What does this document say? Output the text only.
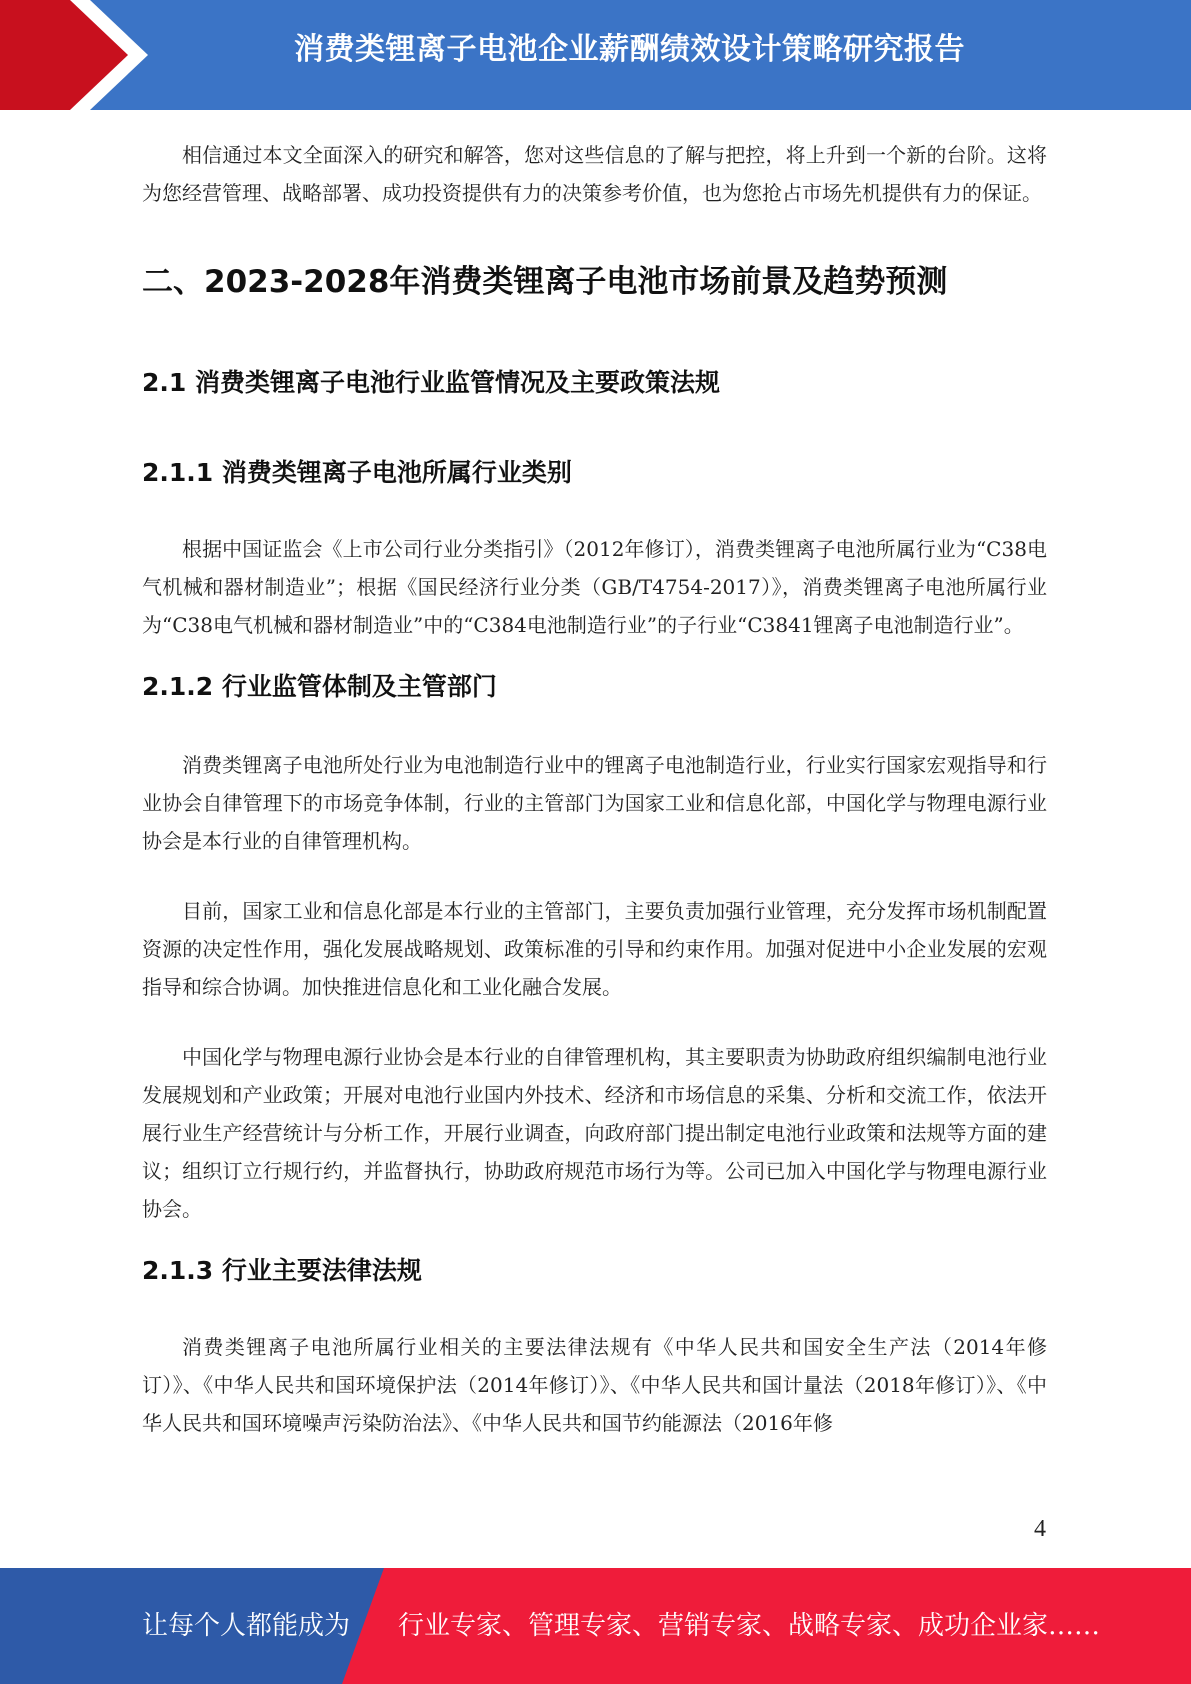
消费类锂离子电池企业薪酬绩效设计策略研究报告

相信通过本文全面深入的研究和解答，您对这些信息的了解与把控，将上升到一个新的台阶。这将为您经营管理、战略部署、成功投资提供有力的决策参考价值，也为您抢占市场先机提供有力的保证。

二、2023-2028年消费类锂离子电池市场前景及趋势预测
2.1 消费类锂离子电池行业监管情况及主要政策法规
2.1.1 消费类锂离子电池所属行业类别

根据中国证监会《上市公司行业分类指引》（2012年修订），消费类锂离子电池所属行业为“C38电气机械和器材制造业”；根据《国民经济行业分类（GB/T4754-2017）》，消费类锂离子电池所属行业为“C38电气机械和器材制造业”中的“C384电池制造行业”的子行业“C3841锂离子电池制造行业”。

2.1.2 行业监管体制及主管部门

消费类锂离子电池所处行业为电池制造行业中的锂离子电池制造行业，行业实行国家宏观指导和行业协会自律管理下的市场竞争体制，行业的主管部门为国家工业和信息化部，中国化学与物理电源行业协会是本行业的自律管理机构。

目前，国家工业和信息化部是本行业的主管部门，主要负责加强行业管理，充分发挥市场机制配置资源的决定性作用，强化发展战略规划、政策标准的引导和约束作用。加强对促进中小企业发展的宏观指导和综合协调。加快推进信息化和工业化融合发展。

中国化学与物理电源行业协会是本行业的自律管理机构，其主要职责为协助政府组织编制电池行业发展规划和产业政策；开展对电池行业国内外技术、经济和市场信息的采集、分析和交流工作，依法开展行业生产经营统计与分析工作，开展行业调查，向政府部门提出制定电池行业政策和法规等方面的建议；组织订立行规行约，并监督执行，协助政府规范市场行为等。公司已加入中国化学与物理电源行业协会。

2.1.3 行业主要法律法规

消费类锂离子电池所属行业相关的主要法律法规有《中华人民共和国安全生产法（2014年修订）》、《中华人民共和国环境保护法（2014年修订）》、《中华人民共和国计量法（2018年修订）》、《中华人民共和国环境噪声污染防治法》、《中华人民共和国节约能源法（2016年修

4
让每个人都能成为 行业专家、管理专家、营销专家、战略专家、成功企业家……
